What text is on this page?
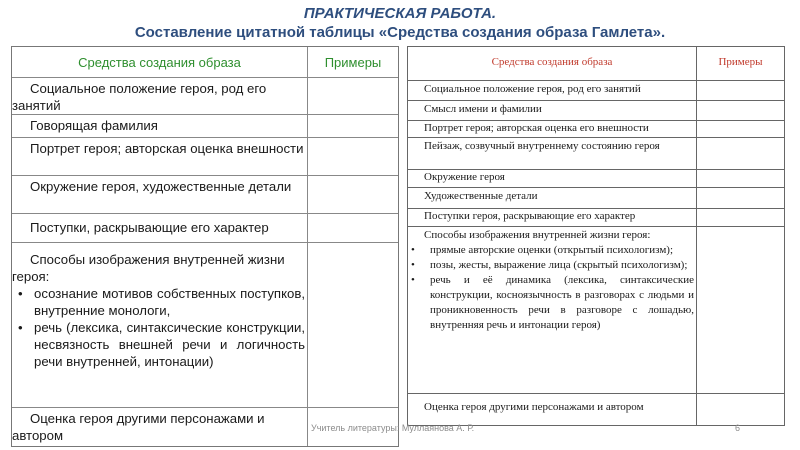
ПРАКТИЧЕСКАЯ РАБОТА.
Составление цитатной таблицы «Средства создания образа Гамлета».
Средства создания образа	Примеры
Социальное положение героя, род его занятий
Говорящая фамилия
Портрет героя; авторская оценка внешности
Окружение героя, художественные детали
Поступки, раскрывающие его характер
Способы изображения внутренней жизни героя:
• осознание мотивов собственных поступков, внутренние монологи,
• речь (лексика, синтаксические конструкции, несвязность внешней речи и логичность речи внутренней, интонации)
Оценка героя другими персонажами и автором
Средства создания образа	Примеры
Социальное положение героя, род его занятий
Смысл имени и фамилии
Портрет героя; авторская оценка его внешности
Пейзаж, созвучный внутреннему состоянию героя
Окружение героя
Художественные детали
Поступки героя, раскрывающие его характер
Способы изображения внутренней жизни героя:
• прямые авторские оценки (открытый психологизм);
• позы, жесты, выражение лица (скрытый психологизм);
• речь и её динамика (лексика, синтаксические конструкции, косноязычность в разговорах с людьми и проникновенность речи в разговоре с лошадью, внутренняя речь и интонации героя)
Оценка героя другими персонажами и автором
Учитель литературы: Муллаянова А. Р.	6
